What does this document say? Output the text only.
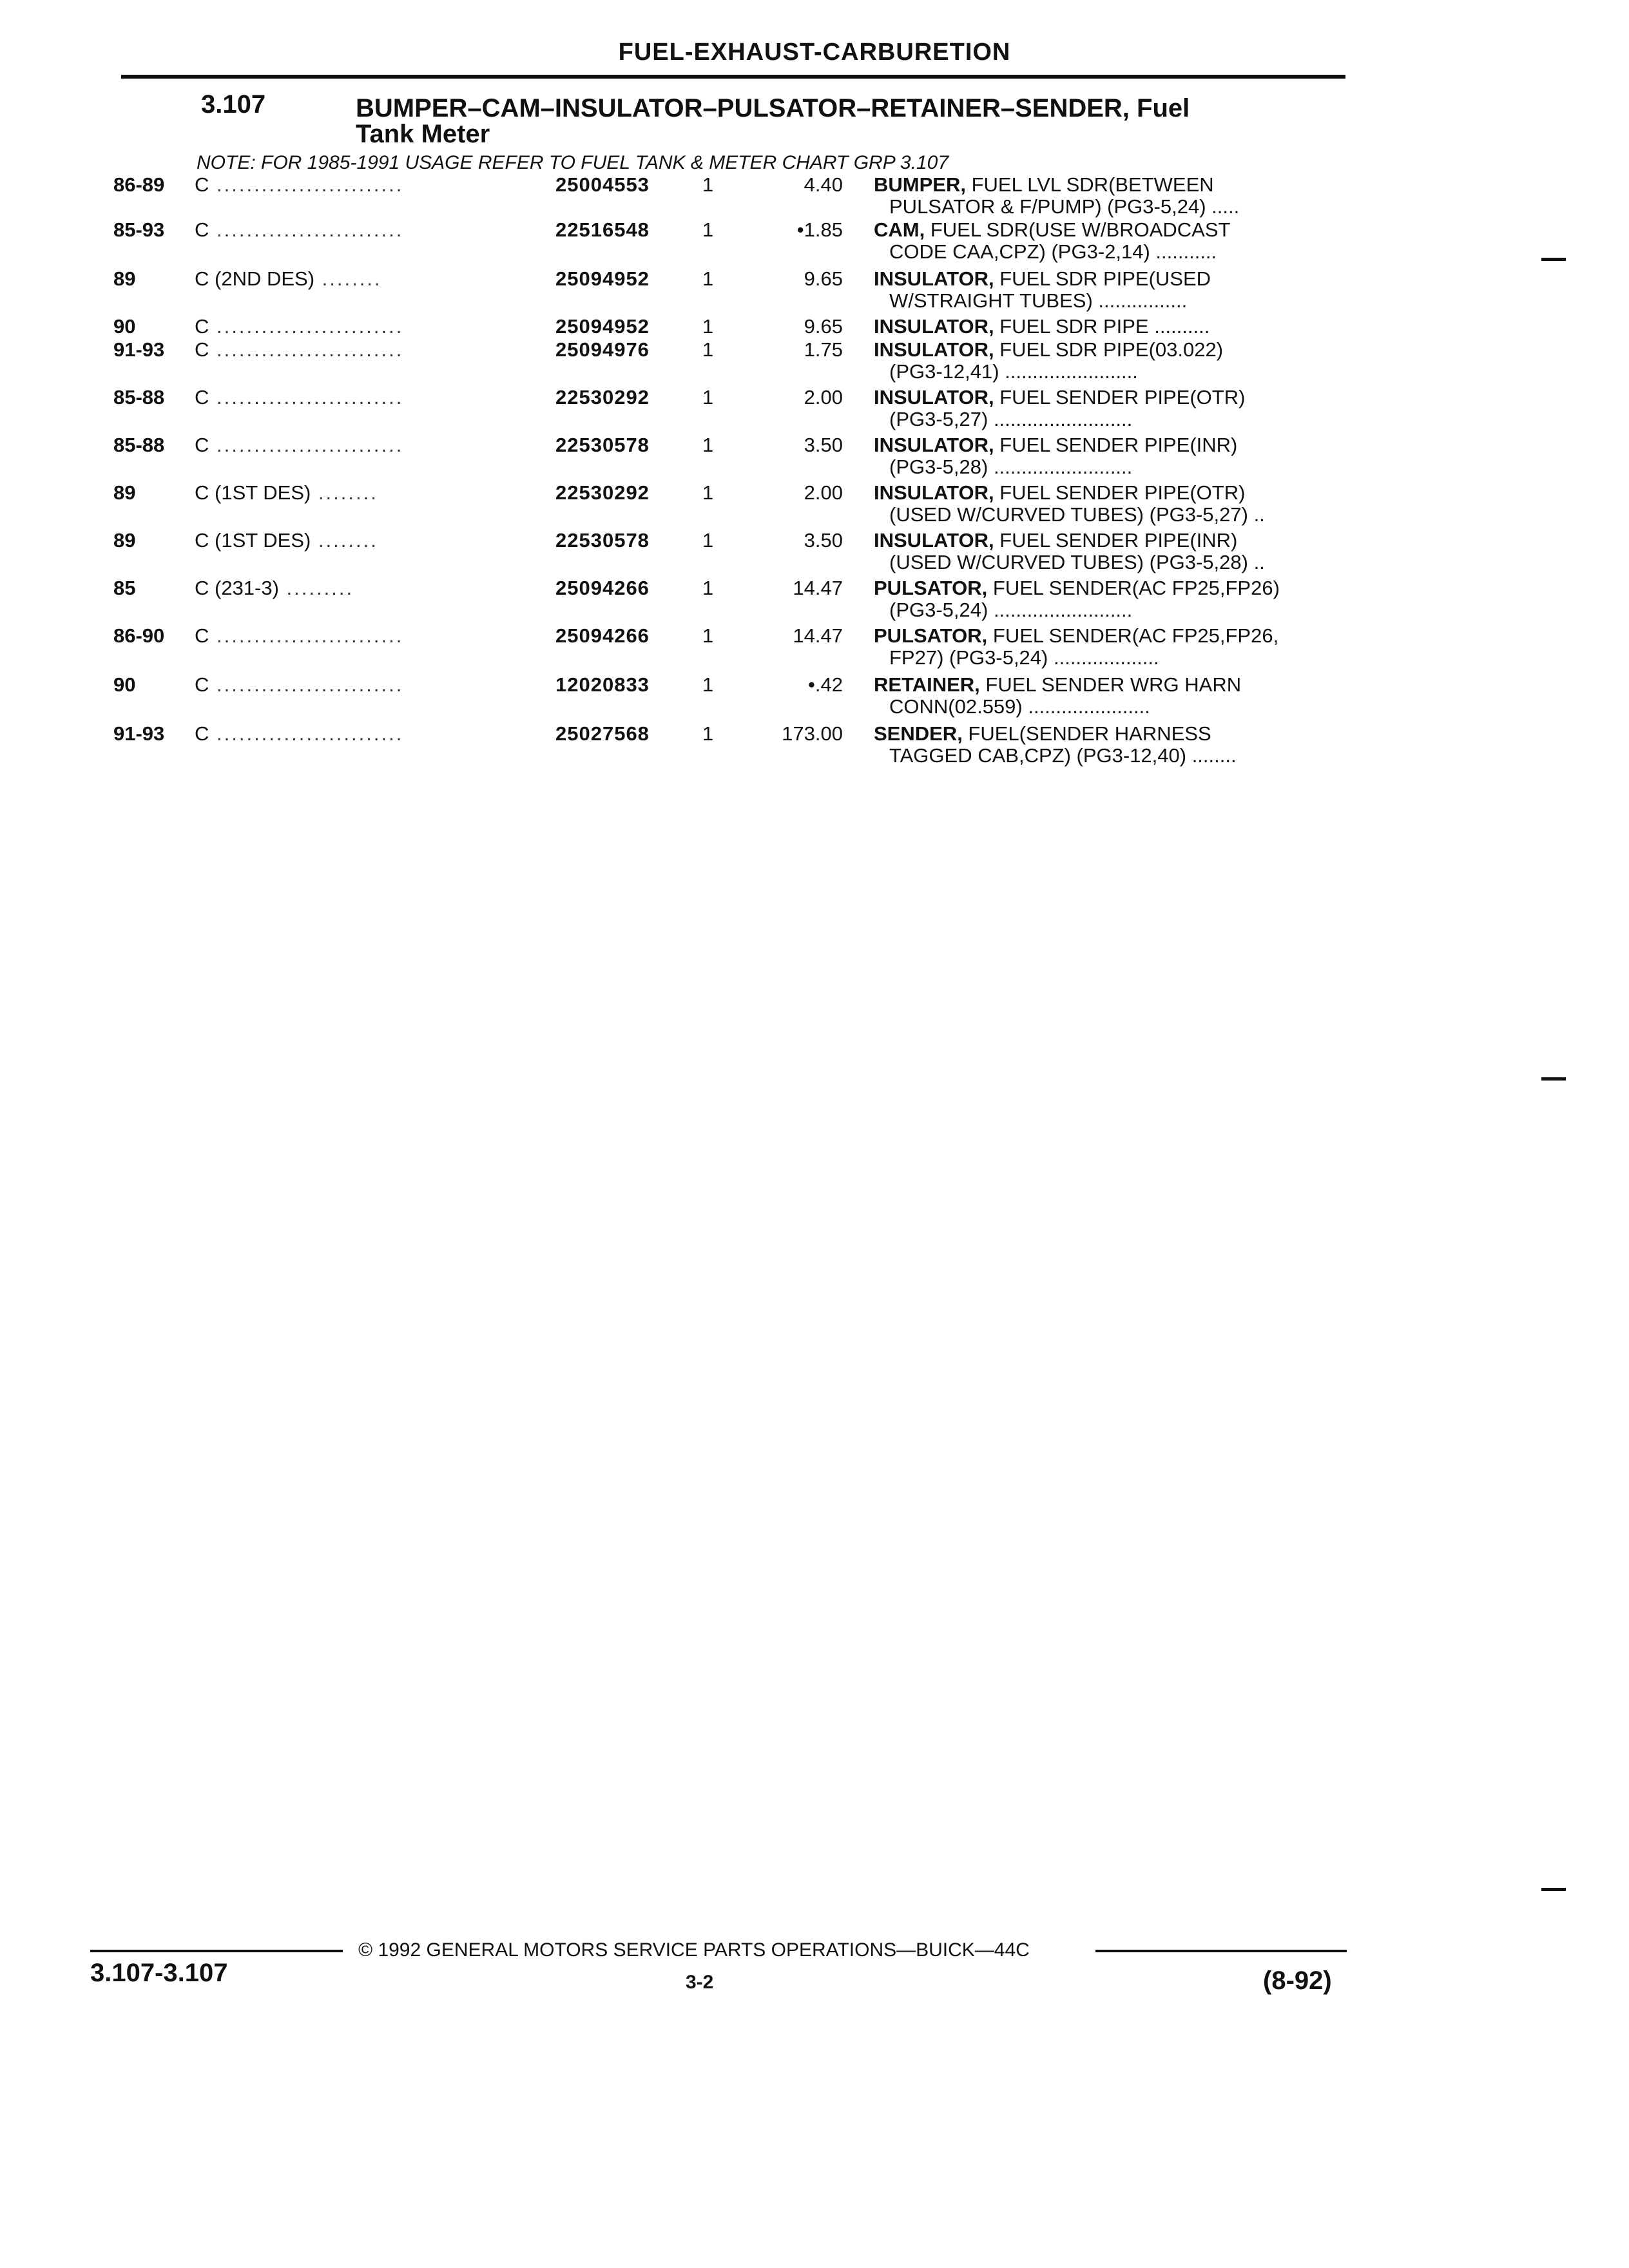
FUEL-EXHAUST-CARBURETION
3.107	BUMPER–CAM–INSULATOR–PULSATOR–RETAINER–SENDER, Fuel
Tank Meter
NOTE: FOR 1985-1991 USAGE REFER TO FUEL TANK & METER CHART GRP 3.107
86-89 C .........................	25004553	1	4.40 BUMPER, FUEL LVL SDR(BETWEEN
PULSATOR & F/PUMP) (PG3-5,24) .....
85-93 C .........................	22516548	1	•1.85 CAM, FUEL SDR(USE W/BROADCAST
CODE CAA,CPZ) (PG3-2,14) ...........
89	C (2ND DES) ........	25094952	1	9.65 INSULATOR, FUEL SDR PIPE(USED
W/STRAIGHT TUBES) ................
90	C .........................	25094952	1	9.65 INSULATOR, FUEL SDR PIPE ..........
91-93 C .........................	25094976	1	1.75 INSULATOR, FUEL SDR PIPE(03.022)
(PG3-12,41) ........................
85-88 C .........................	22530292	1	2.00 INSULATOR, FUEL SENDER PIPE(OTR)
(PG3-5,27) .........................
85-88 C .........................	22530578	1	3.50 INSULATOR, FUEL SENDER PIPE(INR)
(PG3-5,28) .........................
89	C (1ST DES) ........	22530292	1	2.00 INSULATOR, FUEL SENDER PIPE(OTR)
(USED W/CURVED TUBES) (PG3-5,27) ..
89	C (1ST DES) ........	22530578	1	3.50 INSULATOR, FUEL SENDER PIPE(INR)
(USED W/CURVED TUBES) (PG3-5,28) ..
85	C (231-3) .........	25094266	1	14.47 PULSATOR, FUEL SENDER(AC FP25,FP26)
(PG3-5,24) .........................
86-90 C .........................	25094266	1	14.47 PULSATOR, FUEL SENDER(AC FP25,FP26,
FP27) (PG3-5,24) ...................
90	C .........................	12020833	1	•.42 RETAINER, FUEL SENDER WRG HARN
CONN(02.559) ......................
91-93 C .........................	25027568	1	173.00 SENDER, FUEL(SENDER HARNESS
TAGGED CAB,CPZ) (PG3-12,40) ........
© 1992 GENERAL MOTORS SERVICE PARTS OPERATIONS—BUICK—44C
3-2
3.107-3.107	(8-92)
